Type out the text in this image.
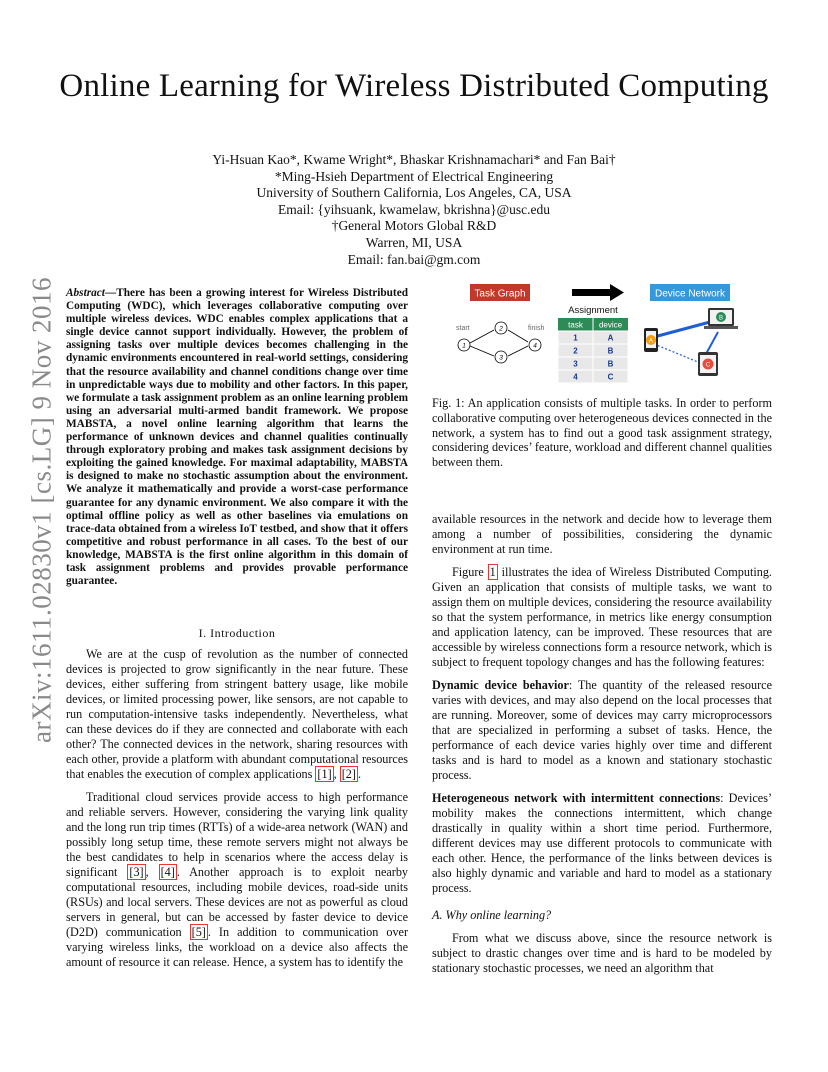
Online Learning for Wireless Distributed Computing
Yi-Hsuan Kao*, Kwame Wright*, Bhaskar Krishnamachari* and Fan Bai†
*Ming-Hsieh Department of Electrical Engineering
University of Southern California, Los Angeles, CA, USA
Email: {yihsuank, kwamelaw, bkrishna}@usc.edu
†General Motors Global R&D
Warren, MI, USA
Email: fan.bai@gm.com
arXiv:1611.02830v1 [cs.LG] 9 Nov 2016 Abstract—There has been a growing interest for Wireless Distributed Computing (WDC), which leverages collaborative computing over multiple wireless devices. WDC enables complex applications that a single device cannot support individually. However, the problem of assigning tasks over multiple devices becomes challenging in the dynamic environments encountered in real-world settings, considering that the resource availability and channel conditions change over time in unpredictable ways due to mobility and other factors. In this paper, we formulate a task assignment problem as an online learning problem using an adversarial multi-armed bandit framework. We propose MABSTA, a novel online learning algorithm that learns the performance of unknown devices and channel qualities continually through exploratory probing and makes task assignment decisions by exploiting the gained knowledge. For maximal adaptability, MABSTA is designed to make no stochastic assumption about the environment. We analyze it mathematically and provide a worst-case performance guarantee for any dynamic environment. We also compare it with the optimal offline policy as well as other baselines via emulations on trace-data obtained from a wireless IoT testbed, and show that it offers competitive and robust performance in all cases. To the best of our knowledge, MABSTA is the first online algorithm in this domain of task assignment problems and provides provable performance guarantee.

I. Introduction

We are at the cusp of revolution as the number of connected devices is projected to grow significantly in the near future. These devices, either suffering from stringent battery usage, like mobile devices, or limited processing power, like sensors, are not capable to run computation-intensive tasks independently. Nevertheless, what can these devices do if they are connected and collaborate with each other? The connected devices in the network, sharing resources with each other, provide a platform with abundant computational resources that enables the execution of complex applications [1] , [2] .

Traditional cloud services provide access to high performance and reliable servers. However, considering the varying link quality and the long run trip times (RTTs) of a wide-area network (WAN) and possibly long setup time, these remote servers might not always be the best candidates to help in scenarios where the access delay is significant [3] , [4] . Another approach is to exploit nearby computational resources, including mobile devices, road-side units (RSUs) and local servers. These devices are not as powerful as cloud servers in general, but can be accessed by faster device to device (D2D) communication [5] . In addition to communication over varying wireless links, the workload on a device also affects the amount of resource it can release. Hence, a system has to identify the

Task Graph	Device Network
start	finish
1
2
3
4
Assignment
task device
1	A
2	B
3	B
4	C
A
B
C
Fig. 1: An application consists of multiple tasks. In order to perform collaborative computing over heterogeneous devices connected in the network, a system has to find out a good task assignment strategy, considering devices’ feature, workload and different channel qualities between them.

available resources in the network and decide how to leverage them among a number of possibilities, considering the dynamic environment at run time.

Figure 1 illustrates the idea of Wireless Distributed Computing. Given an application that consists of multiple tasks, we want to assign them on multiple devices, considering the resource availability so that the system performance, in metrics like energy consumption and application latency, can be improved. These resources that are accessible by wireless connections form a resource network, which is subject to frequent topology changes and has the following features:

Dynamic device behavior: The quantity of the released resource varies with devices, and may also depend on the local processes that are running. Moreover, some of devices may carry microprocessors that are specialized in performing a subset of tasks. Hence, the performance of each device varies highly over time and different tasks and is hard to model as a known and stationary stochastic process.

Heterogeneous network with intermittent connections: Devices’ mobility makes the connections intermittent, which change drastically in quality within a short time period. Furthermore, different devices may use different protocols to communicate with each other. Hence, the performance of the links between devices is also highly dynamic and variable and hard to model as a stationary process.

A. Why online learning?

From what we discuss above, since the resource network is subject to drastic changes over time and is hard to be modeled by stationary stochastic processes, we need an algorithm that
